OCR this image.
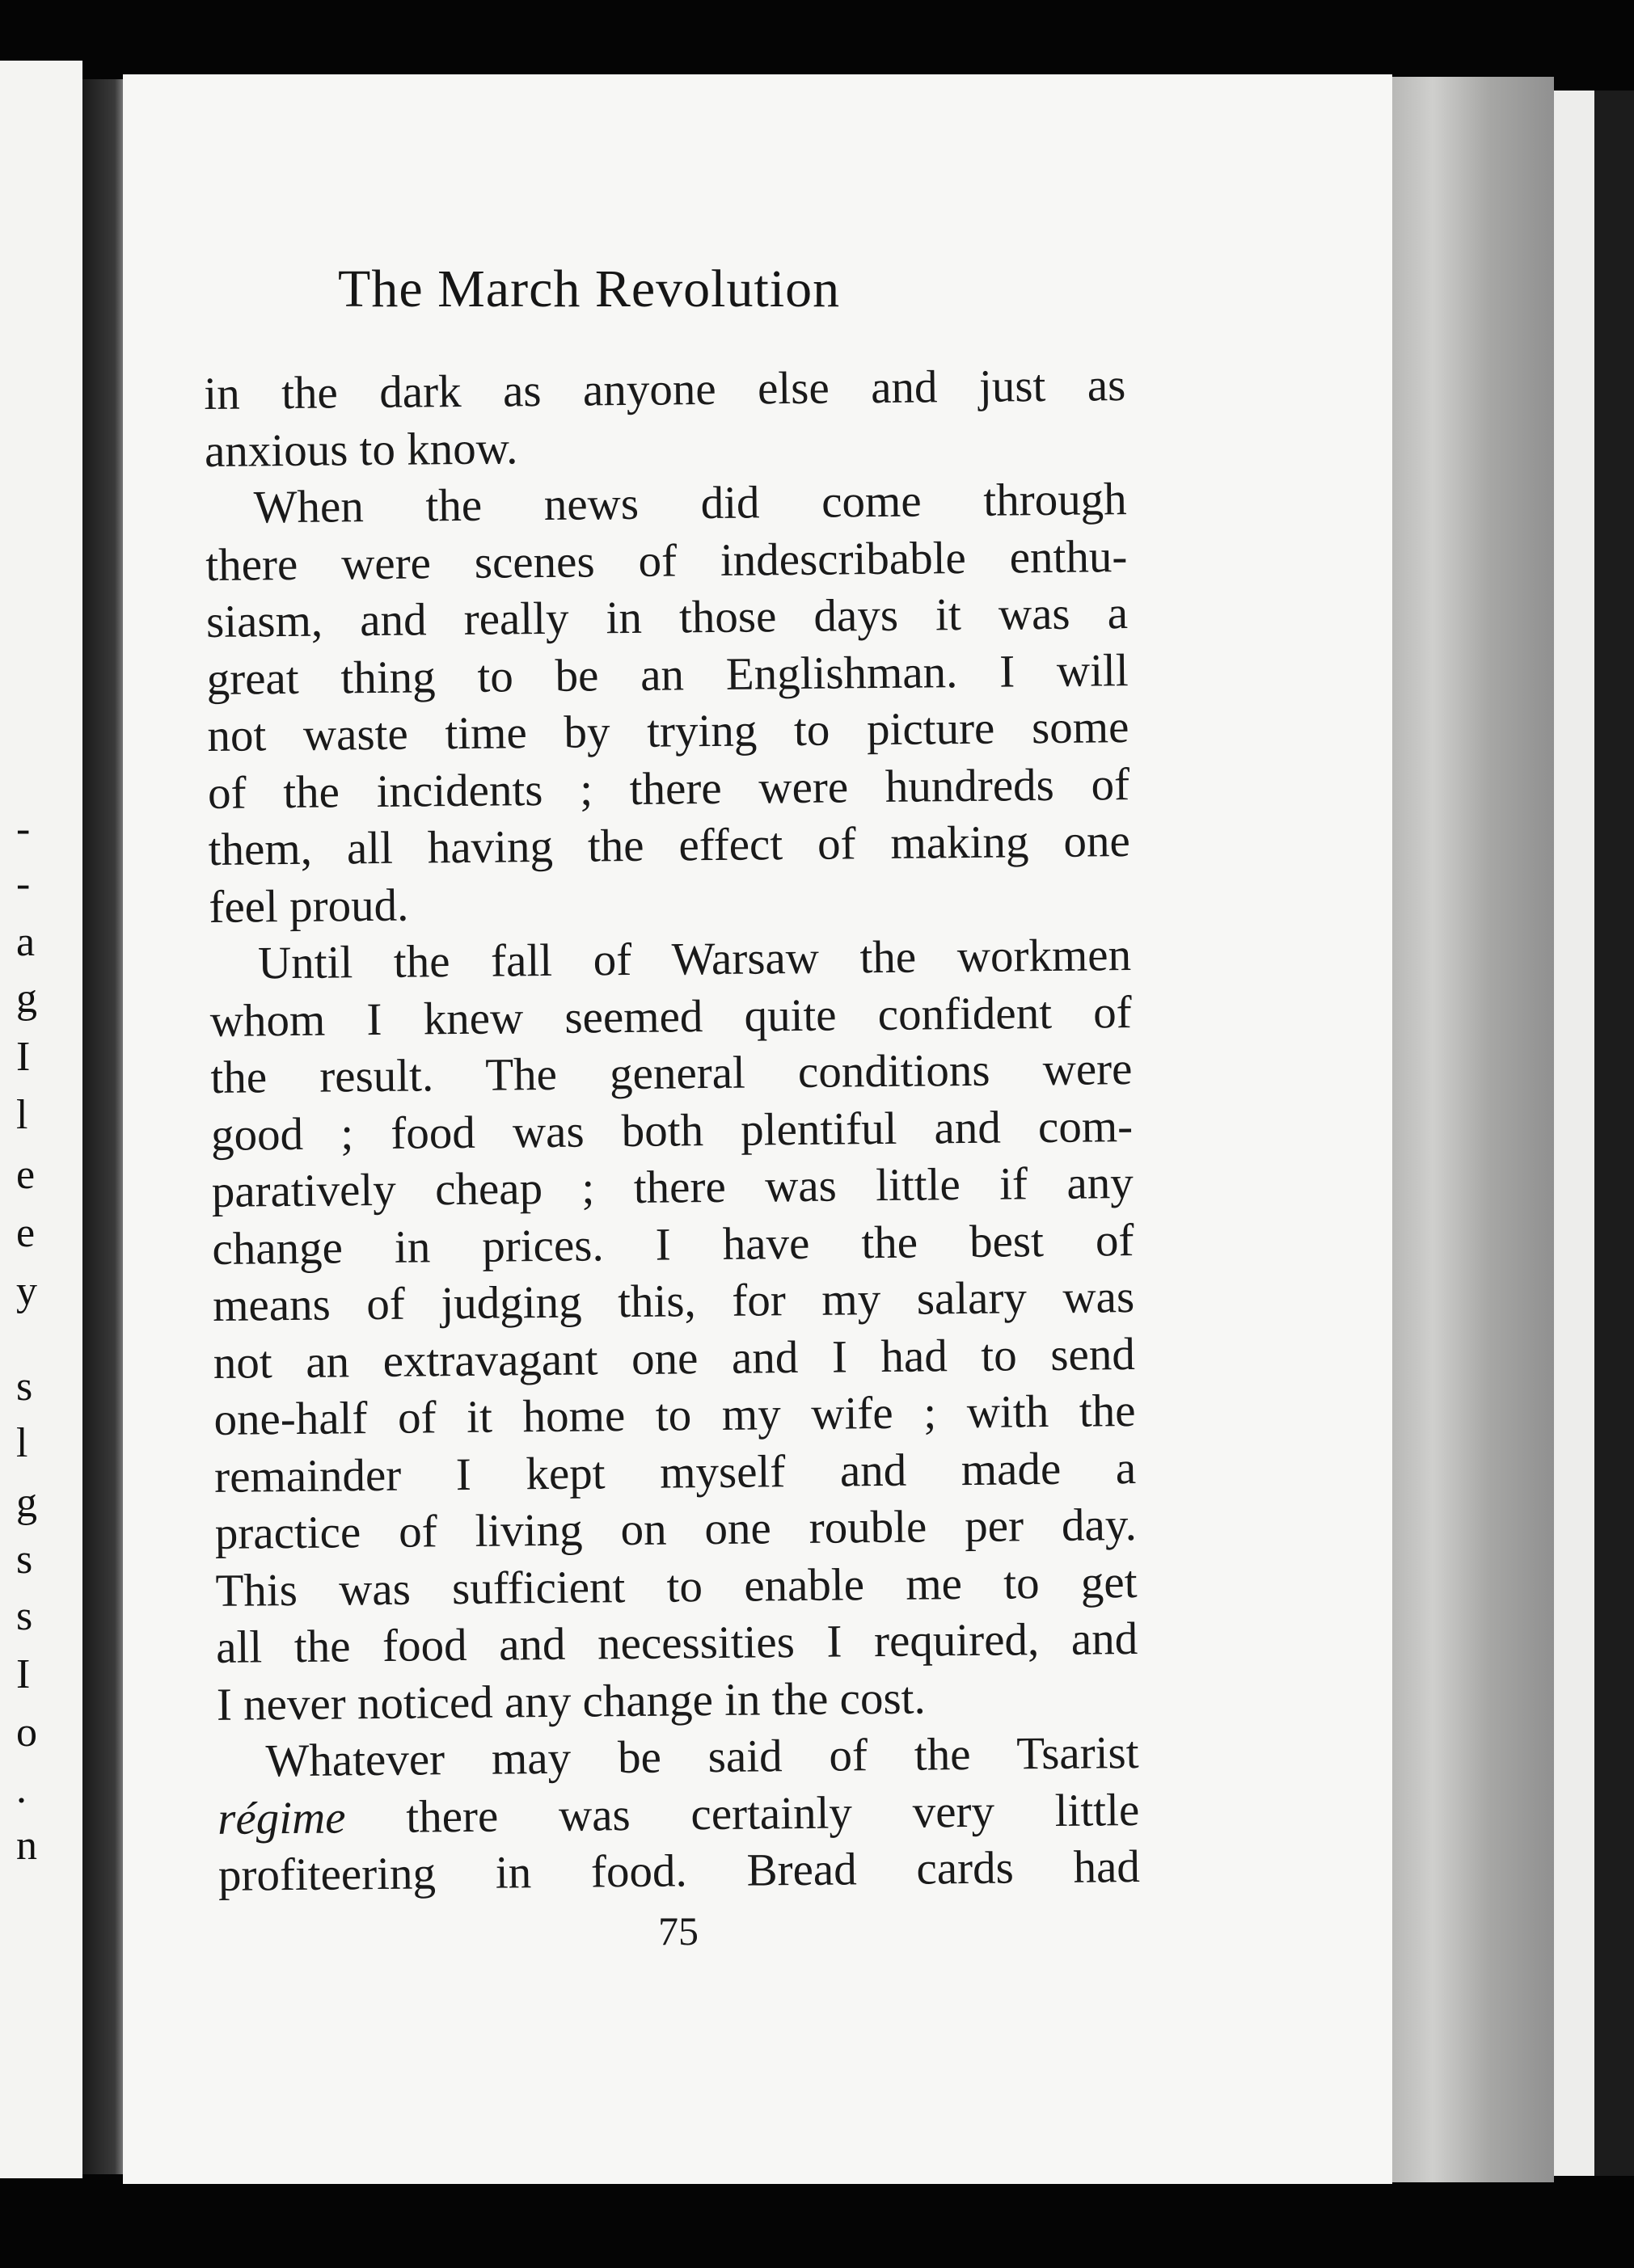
-
-
a
g
I
l
e
e
y
s
l
g
s
s
I
o
.
n
The March Revolution
in the dark as anyone else and just as
anxious to know.
When the news did come through
there were scenes of indescribable enthu-
siasm, and really in those days it was a
great thing to be an Englishman. I will
not waste time by trying to picture some
of the incidents ; there were hundreds of
them, all having the effect of making one
feel proud.
Until the fall of Warsaw the workmen
whom I knew seemed quite confident of
the result. The general conditions were
good ; food was both plentiful and com-
paratively cheap ; there was little if any
change in prices. I have the best of
means of judging this, for my salary was
not an extravagant one and I had to send
one-half of it home to my wife ; with the
remainder I kept myself and made a
practice of living on one rouble per day.
This was sufficient to enable me to get
all the food and necessities I required, and
I never noticed any change in the cost.
Whatever may be said of the Tsarist
régime there was certainly very little
profiteering in food. Bread cards had
75
